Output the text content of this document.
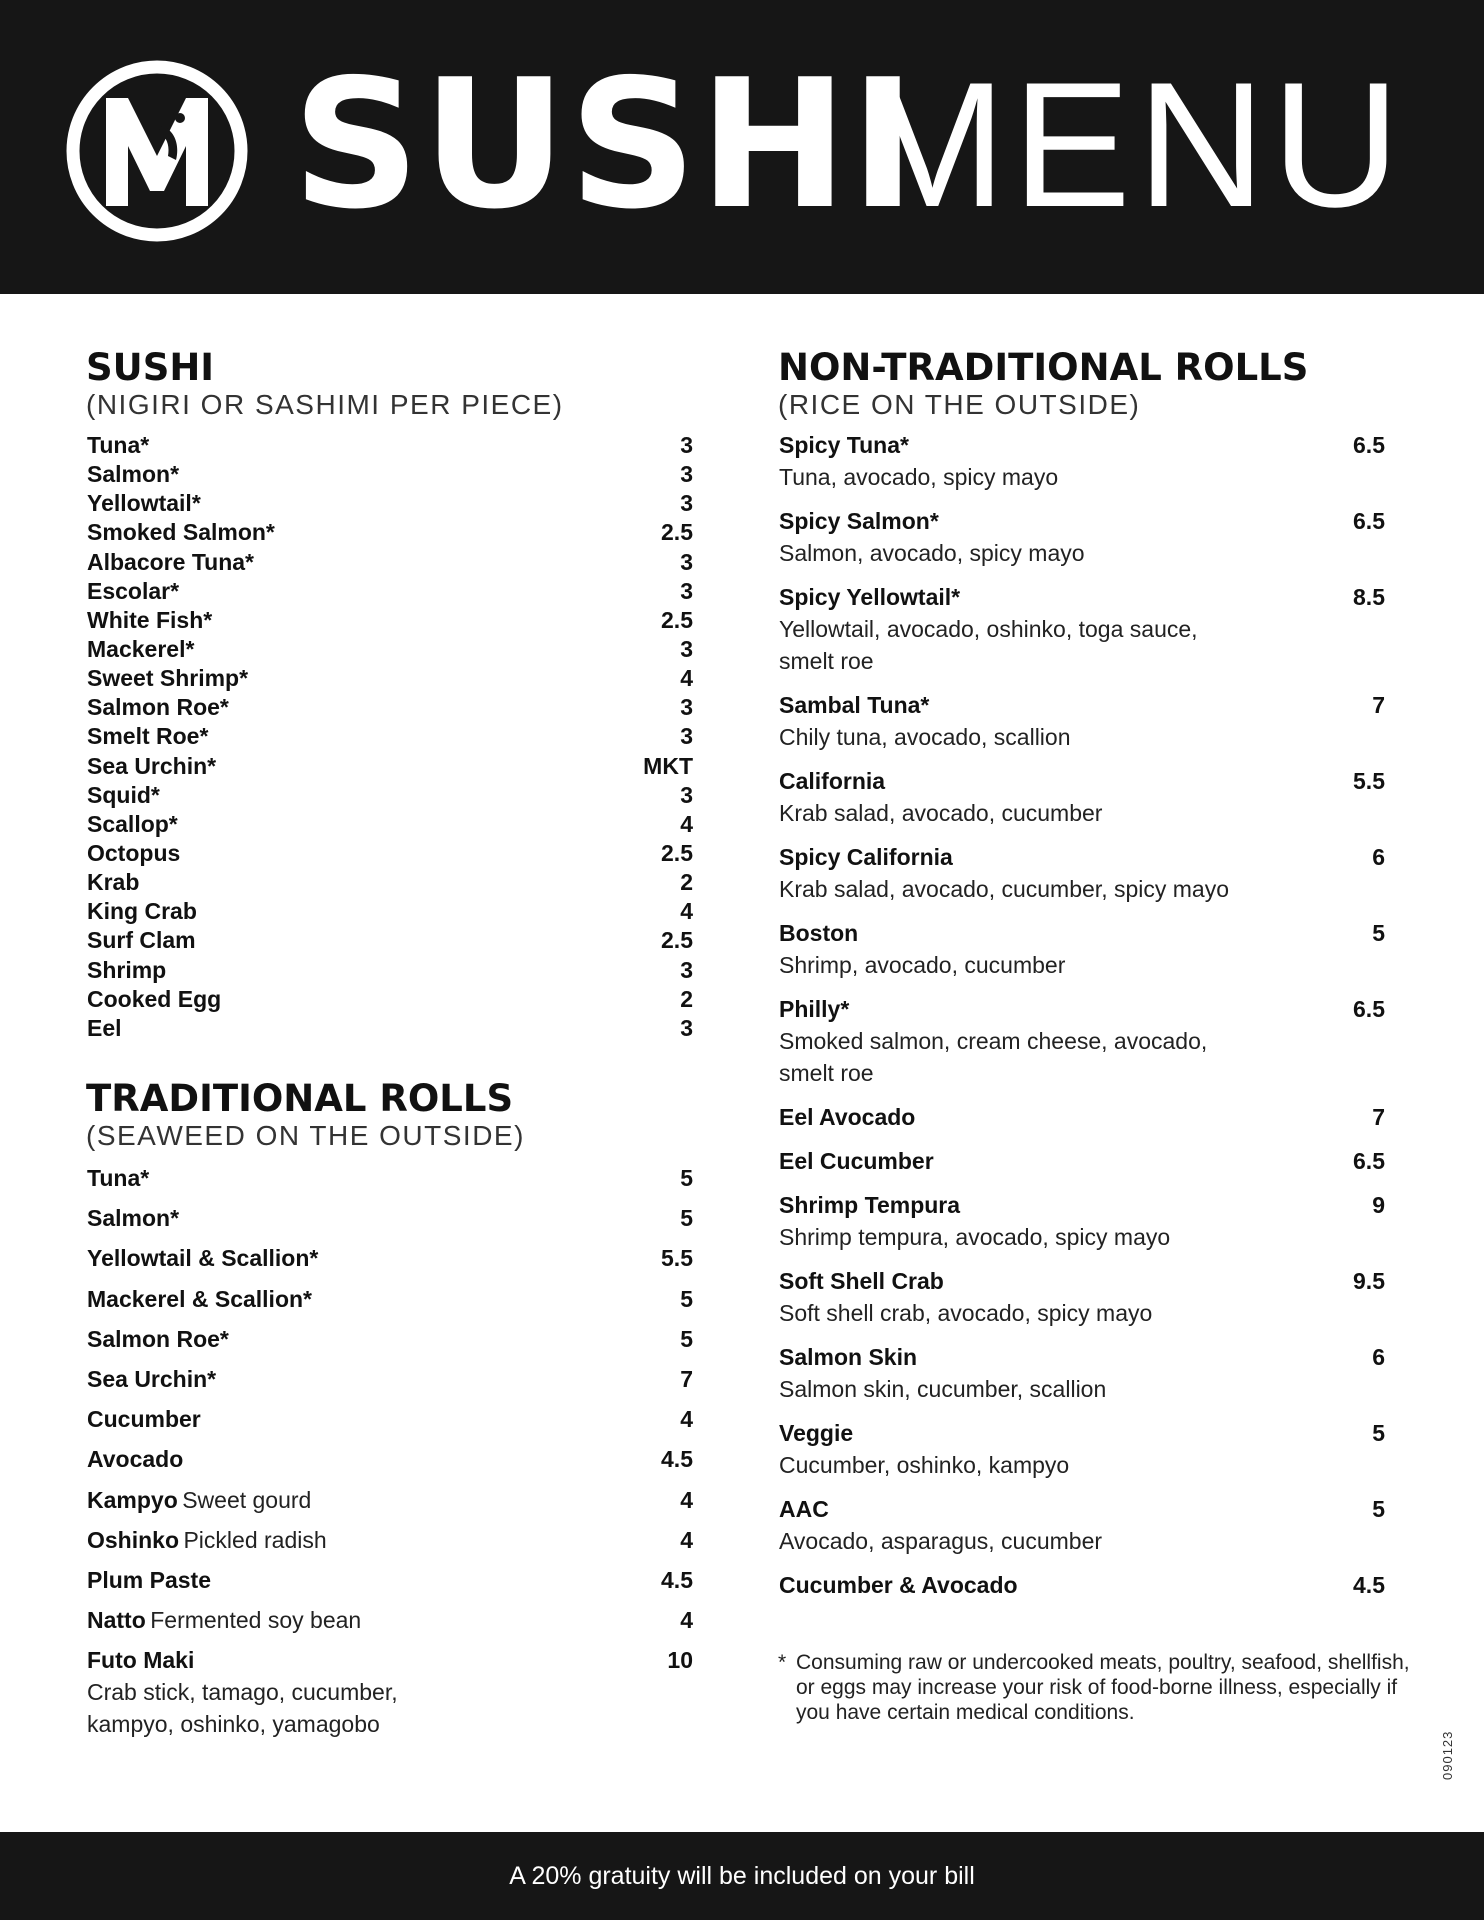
SUSHI
MENU
SUSHI
(NIGIRI OR SASHIMI PER PIECE)
Tuna*	3
Salmon*	3
Yellowtail*	3
Smoked Salmon*	2.5
Albacore Tuna*	3
Escolar*	3
White Fish*	2.5
Mackerel*	3
Sweet Shrimp*	4
Salmon Roe*	3
Smelt Roe*	3
Sea Urchin*	MKT
Squid*	3
Scallop*	4
Octopus	2.5
Krab	2
King Crab	4
Surf Clam	2.5
Shrimp	3
Cooked Egg	2
Eel	3
TRADITIONAL ROLLS
(SEAWEED ON THE OUTSIDE)
Tuna*	5
Salmon*	5
Yellowtail & Scallion*	5.5
Mackerel & Scallion*	5
Salmon Roe*	5
Sea Urchin*	7
Cucumber	4
Avocado	4.5
Kampyo Sweet gourd	4
Oshinko Pickled radish	4
Plum Paste	4.5
Natto Fermented soy bean	4
Futo Maki	10
Crab stick, tamago, cucumber,
kampyo, oshinko, yamagobo
NON-TRADITIONAL ROLLS
(RICE ON THE OUTSIDE)
Spicy Tuna*	6.5
Tuna, avocado, spicy mayo
Spicy Salmon*	6.5
Salmon, avocado, spicy mayo
Spicy Yellowtail*	8.5
Yellowtail, avocado, oshinko, toga sauce,
smelt roe
Sambal Tuna*	7
Chily tuna, avocado, scallion
California	5.5
Krab salad, avocado, cucumber
Spicy California	6
Krab salad, avocado, cucumber, spicy mayo
Boston	5
Shrimp, avocado, cucumber
Philly*	6.5
Smoked salmon, cream cheese, avocado,
smelt roe
Eel Avocado	7
Eel Cucumber	6.5
Shrimp Tempura	9
Shrimp tempura, avocado, spicy mayo
Soft Shell Crab	9.5
Soft shell crab, avocado, spicy mayo
Salmon Skin	6
Salmon skin, cucumber, scallion
Veggie	5
Cucumber, oshinko, kampyo
AAC	5
Avocado, asparagus, cucumber
Cucumber & Avocado	4.5
* Consuming raw or undercooked meats, poultry, seafood, shellfish, or eggs may increase your risk of food-borne illness, especially if you have certain medical conditions.
090123
A 20% gratuity will be included on your bill
